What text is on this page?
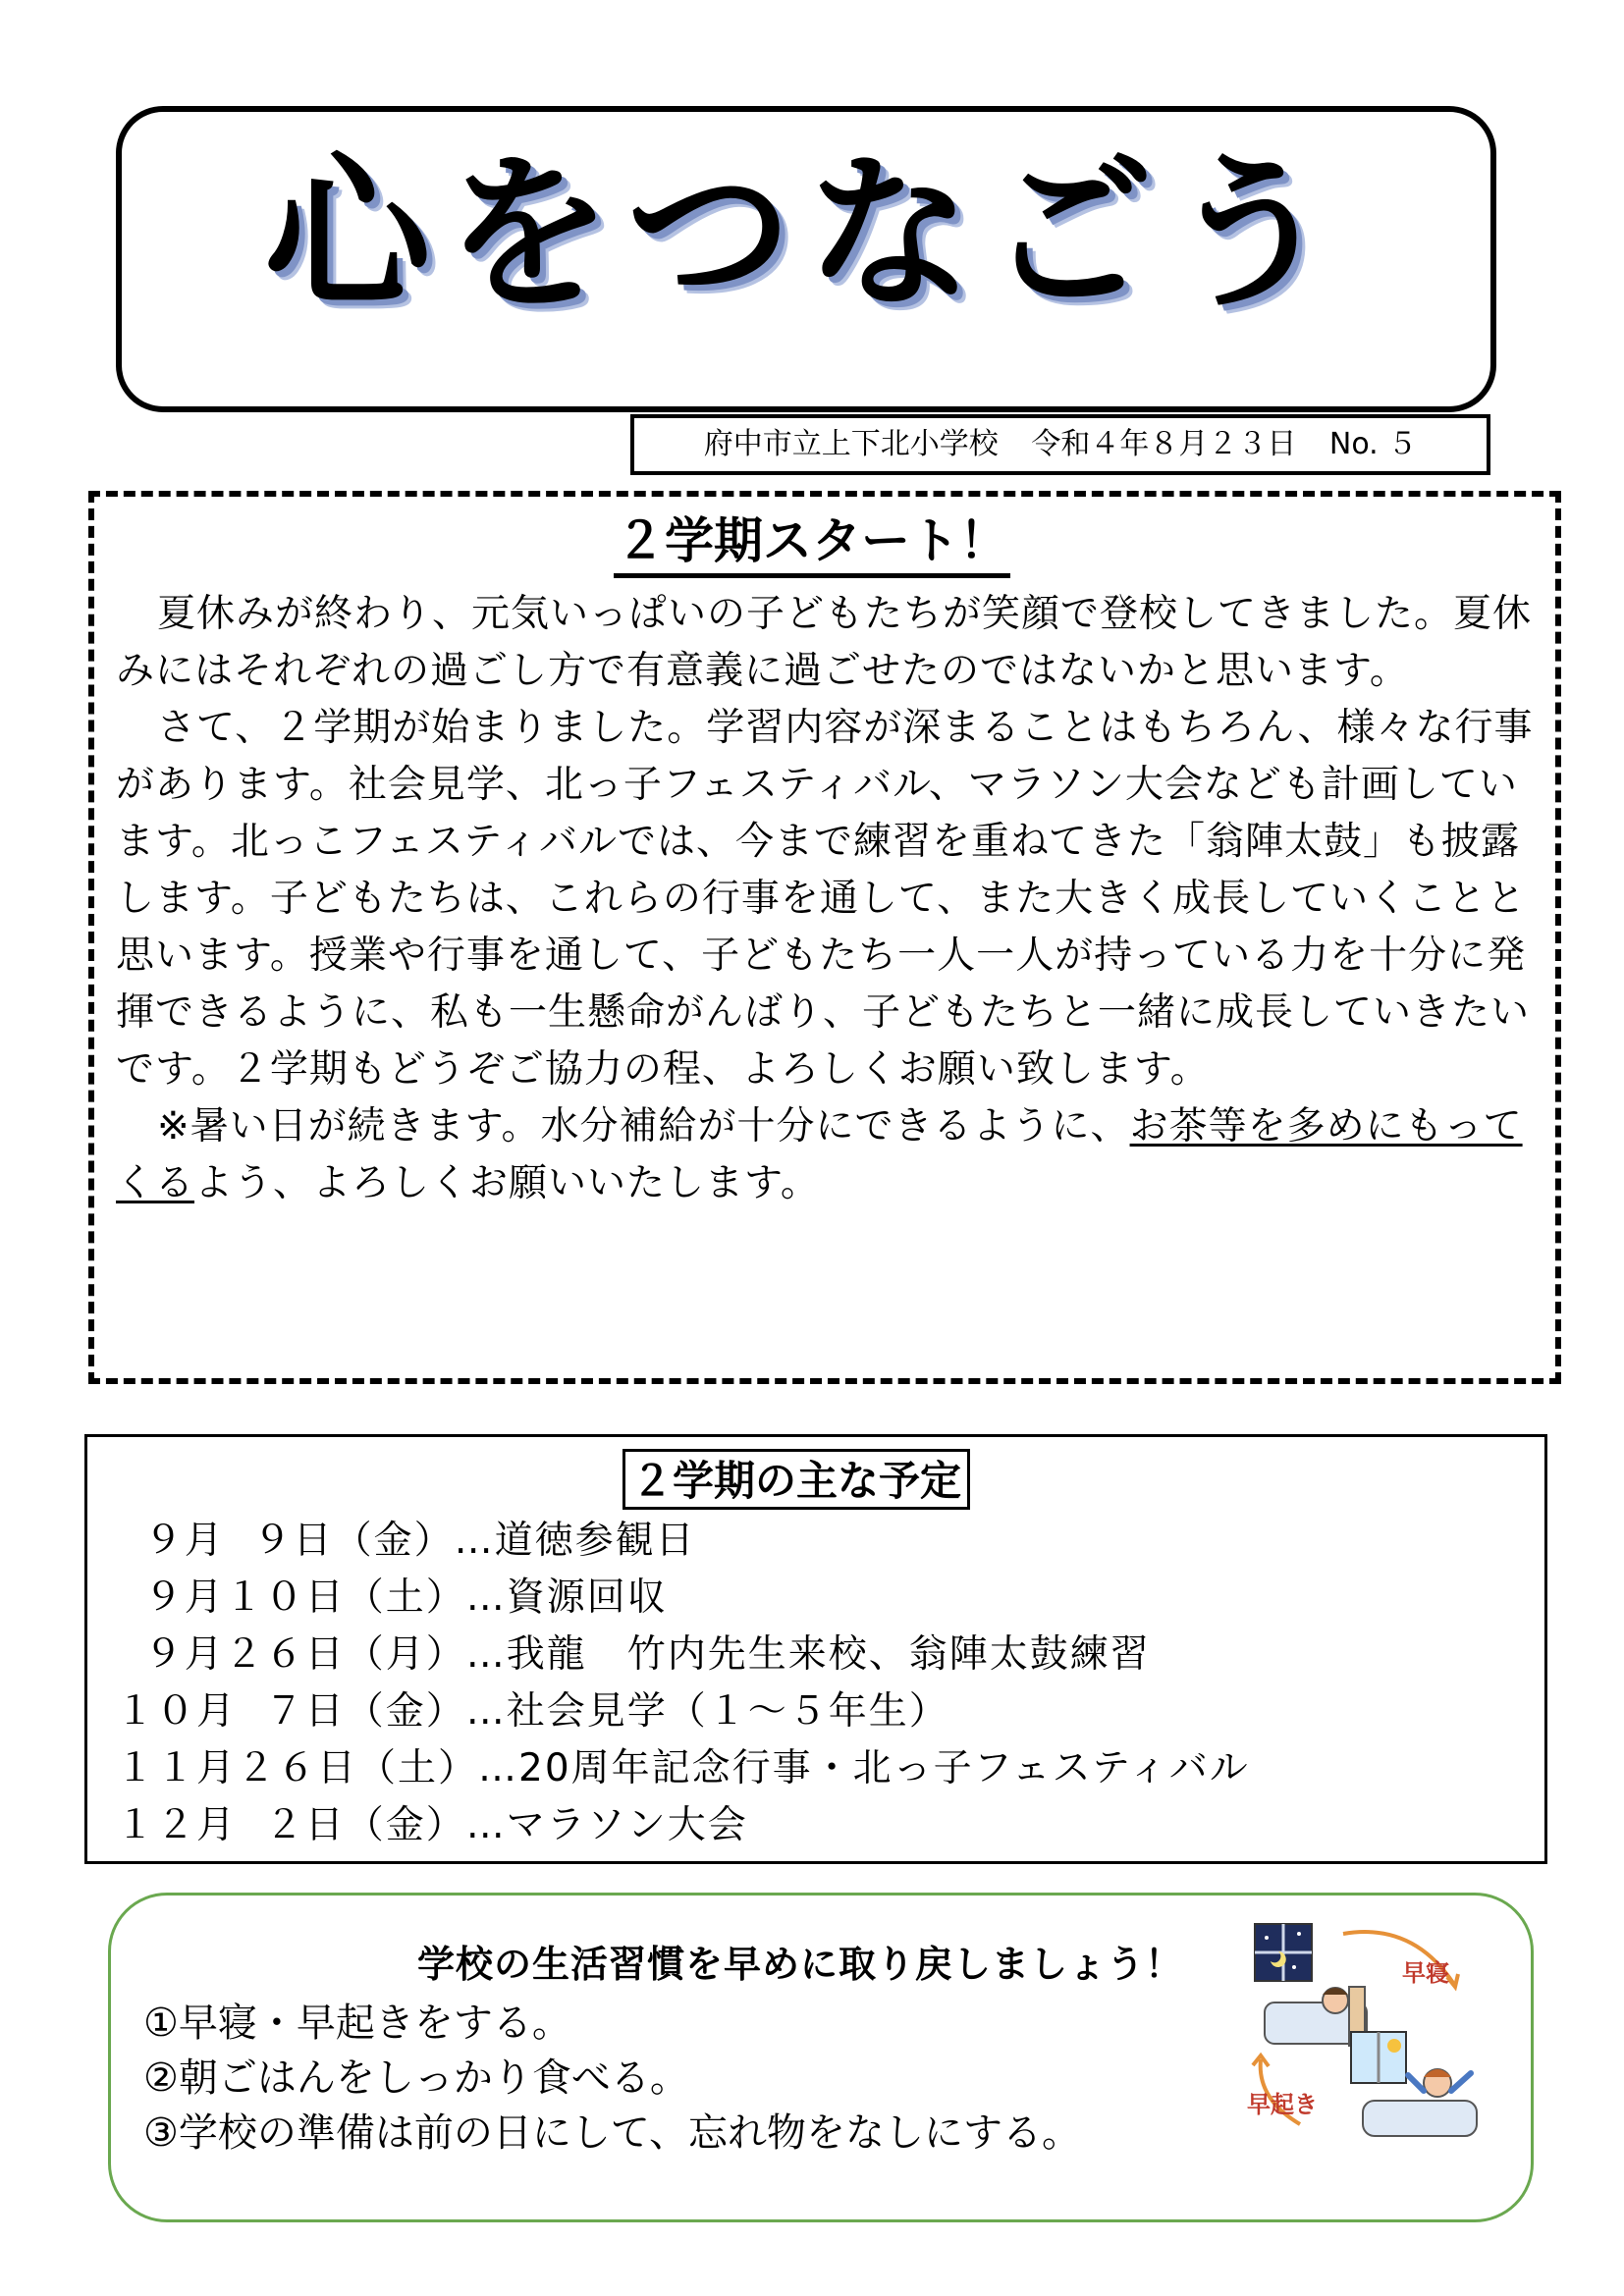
心をつなごう
府中市立上下北小学校 令和４年８月２３日 No. ５
２学期スタート！

夏休みが終わり、元気いっぱいの子どもたちが笑顔で登校してきました。夏休みにはそれぞれの過ごし方で有意義に過ごせたのではないかと思います。

さて、２学期が始まりました。学習内容が深まることはもちろん、様々な行事があります。社会見学、北っ子フェスティバル、マラソン大会なども計画しています。北っこフェスティバルでは、今まで練習を重ねてきた「翁陣太鼓」も披露します。子どもたちは、これらの行事を通して、また大きく成長していくことと思います。授業や行事を通して、子どもたち一人一人が持っている力を十分に発揮できるように、私も一生懸命がんばり、子どもたちと一緒に成長していきたいです。２学期もどうぞご協力の程、よろしくお願い致します。

※暑い日が続きます。水分補給が十分にできるように、お茶等を多めにもってくるよう、よろしくお願いいたします。

２学期の主な予定
９月  ９日（金）…道徳参観日
９月１０日（土）…資源回収
９月２６日（月）…我龍　竹内先生来校、翁陣太鼓練習
１０月  ７日（金）…社会見学（１～５年生）
１１月２６日（土）…20周年記念行事・北っ子フェスティバル
１２月  ２日（金）…マラソン大会
学校の生活習慣を早めに取り戻しましょう！
①早寝・早起きをする。
②朝ごはんをしっかり食べる。
③学校の準備は前の日にして、忘れ物をなしにする。
早寝
早起き
